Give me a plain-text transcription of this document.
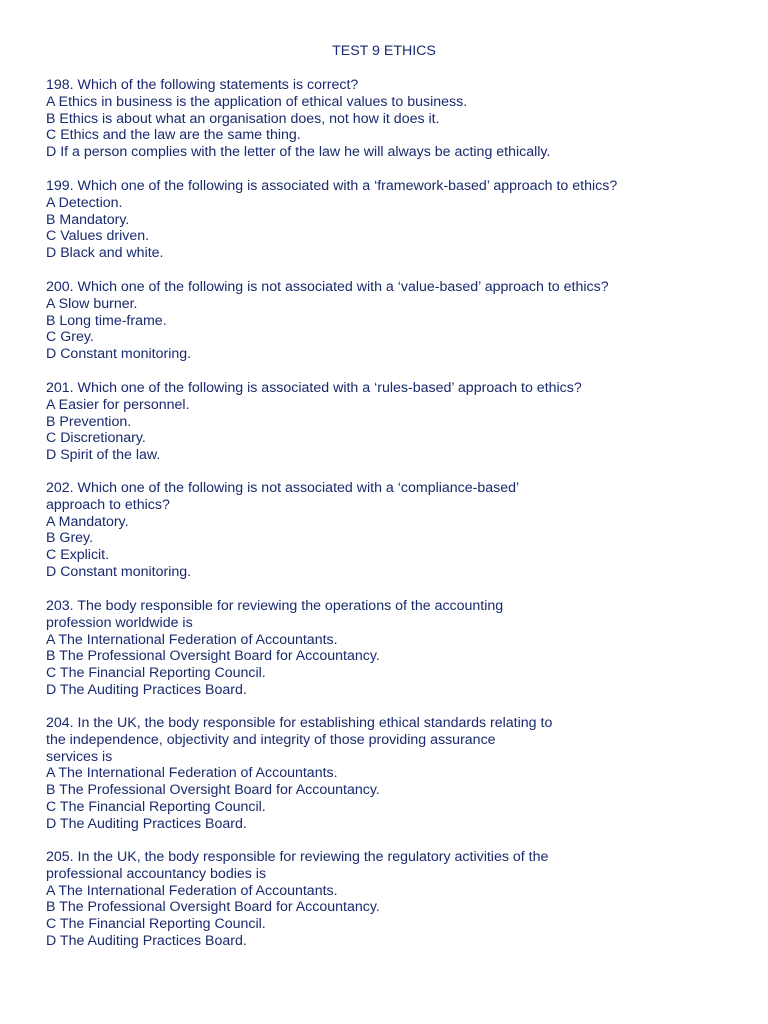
TEST 9 ETHICS
198. Which of the following statements is correct?
A Ethics in business is the application of ethical values to business.
B Ethics is about what an organisation does, not how it does it.
C Ethics and the law are the same thing.
D If a person complies with the letter of the law he will always be acting ethically.
199. Which one of the following is associated with a ‘framework-based’ approach to ethics?
A Detection.
B Mandatory.
C Values driven.
D Black and white.
200. Which one of the following is not associated with a ‘value-based’ approach to ethics?
A Slow burner.
B Long time-frame.
C Grey.
D Constant monitoring.
201. Which one of the following is associated with a ‘rules-based’ approach to ethics?
A Easier for personnel.
B Prevention.
C Discretionary.
D Spirit of the law.
202. Which one of the following is not associated with a ‘compliance-based’
approach to ethics?
A Mandatory.
B Grey.
C Explicit.
D Constant monitoring.
203. The body responsible for reviewing the operations of the accounting
profession worldwide is
A The International Federation of Accountants.
B The Professional Oversight Board for Accountancy.
C The Financial Reporting Council.
D The Auditing Practices Board.
204. In the UK, the body responsible for establishing ethical standards relating to
the independence, objectivity and integrity of those providing assurance
services is
A The International Federation of Accountants.
B The Professional Oversight Board for Accountancy.
C The Financial Reporting Council.
D The Auditing Practices Board.
205. In the UK, the body responsible for reviewing the regulatory activities of the
professional accountancy bodies is
A The International Federation of Accountants.
B The Professional Oversight Board for Accountancy.
C The Financial Reporting Council.
D The Auditing Practices Board.
